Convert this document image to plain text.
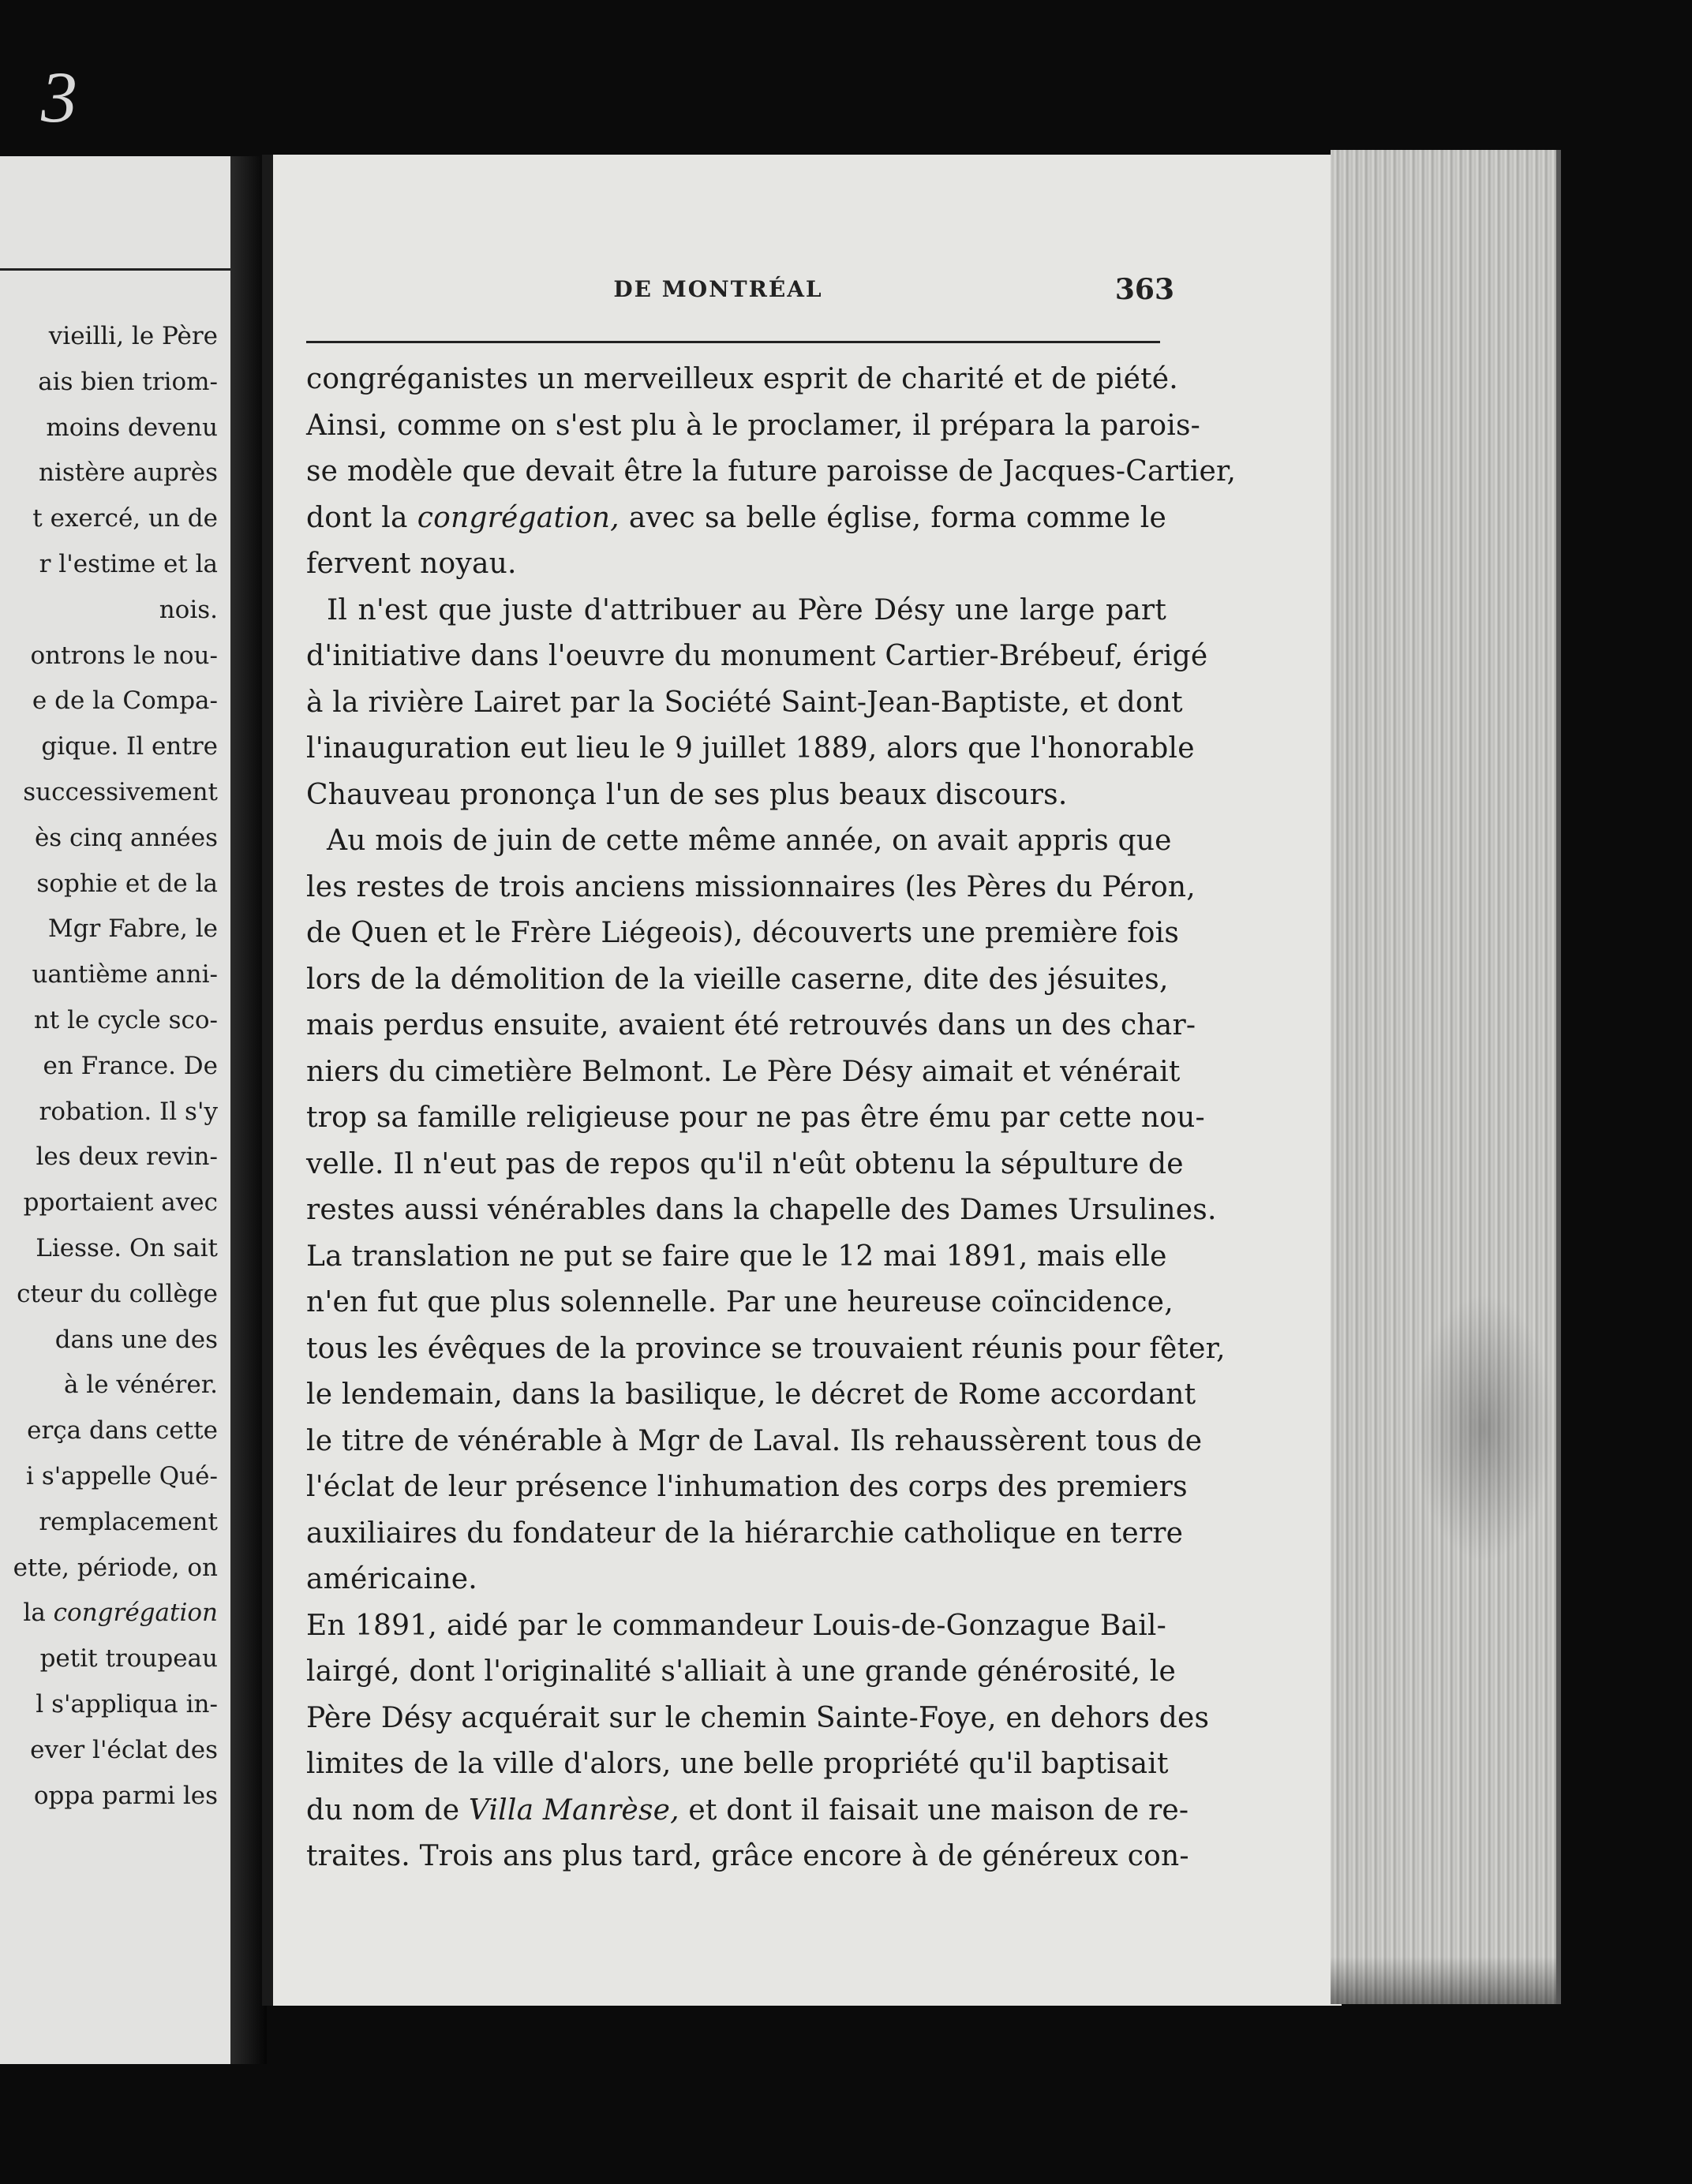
3
vieilli, le Père
ais bien triom-
moins devenu
nistère auprès
t exercé, un de
r l'estime et la
nois.
ontrons le nou-
e de la Compa-
gique. Il entre
successivement
ès cinq années
sophie et de la
Mgr Fabre, le
uantième anni-
nt le cycle sco-
en France. De
robation. Il s'y
les deux revin-
pportaient avec
Liesse. On sait
cteur du collège
dans une des
à le vénérer.
erça dans cette
i s'appelle Qué-
remplacement
ette, période, on
la congrégation
petit troupeau
l s'appliqua in-
ever l'éclat des
oppa parmi les
DE MONTRÉAL	363
congréganistes un merveilleux esprit de charité et de piété.
Ainsi, comme on s'est plu à le proclamer, il prépara la parois-
se modèle que devait être la future paroisse de Jacques-Cartier,
dont la congrégation, avec sa belle église, forma comme le
fervent noyau.
Il n'est que juste d'attribuer au Père Désy une large part
d'initiative dans l'oeuvre du monument Cartier-Brébeuf, érigé
à la rivière Lairet par la Société Saint-Jean-Baptiste, et dont
l'inauguration eut lieu le 9 juillet 1889, alors que l'honorable
Chauveau prononça l'un de ses plus beaux discours.
Au mois de juin de cette même année, on avait appris que
les restes de trois anciens missionnaires (les Pères du Péron,
de Quen et le Frère Liégeois), découverts une première fois
lors de la démolition de la vieille caserne, dite des jésuites,
mais perdus ensuite, avaient été retrouvés dans un des char-
niers du cimetière Belmont. Le Père Désy aimait et vénérait
trop sa famille religieuse pour ne pas être ému par cette nou-
velle. Il n'eut pas de repos qu'il n'eût obtenu la sépulture de
restes aussi vénérables dans la chapelle des Dames Ursulines.
La translation ne put se faire que le 12 mai 1891, mais elle
n'en fut que plus solennelle. Par une heureuse coïncidence,
tous les évêques de la province se trouvaient réunis pour fêter,
le lendemain, dans la basilique, le décret de Rome accordant
le titre de vénérable à Mgr de Laval. Ils rehaussèrent tous de
l'éclat de leur présence l'inhumation des corps des premiers
auxiliaires du fondateur de la hiérarchie catholique en terre
américaine.
En 1891, aidé par le commandeur Louis-de-Gonzague Bail-
lairgé, dont l'originalité s'alliait à une grande générosité, le
Père Désy acquérait sur le chemin Sainte-Foye, en dehors des
limites de la ville d'alors, une belle propriété qu'il baptisait
du nom de Villa Manrèse, et dont il faisait une maison de re-
traites. Trois ans plus tard, grâce encore à de généreux con-
